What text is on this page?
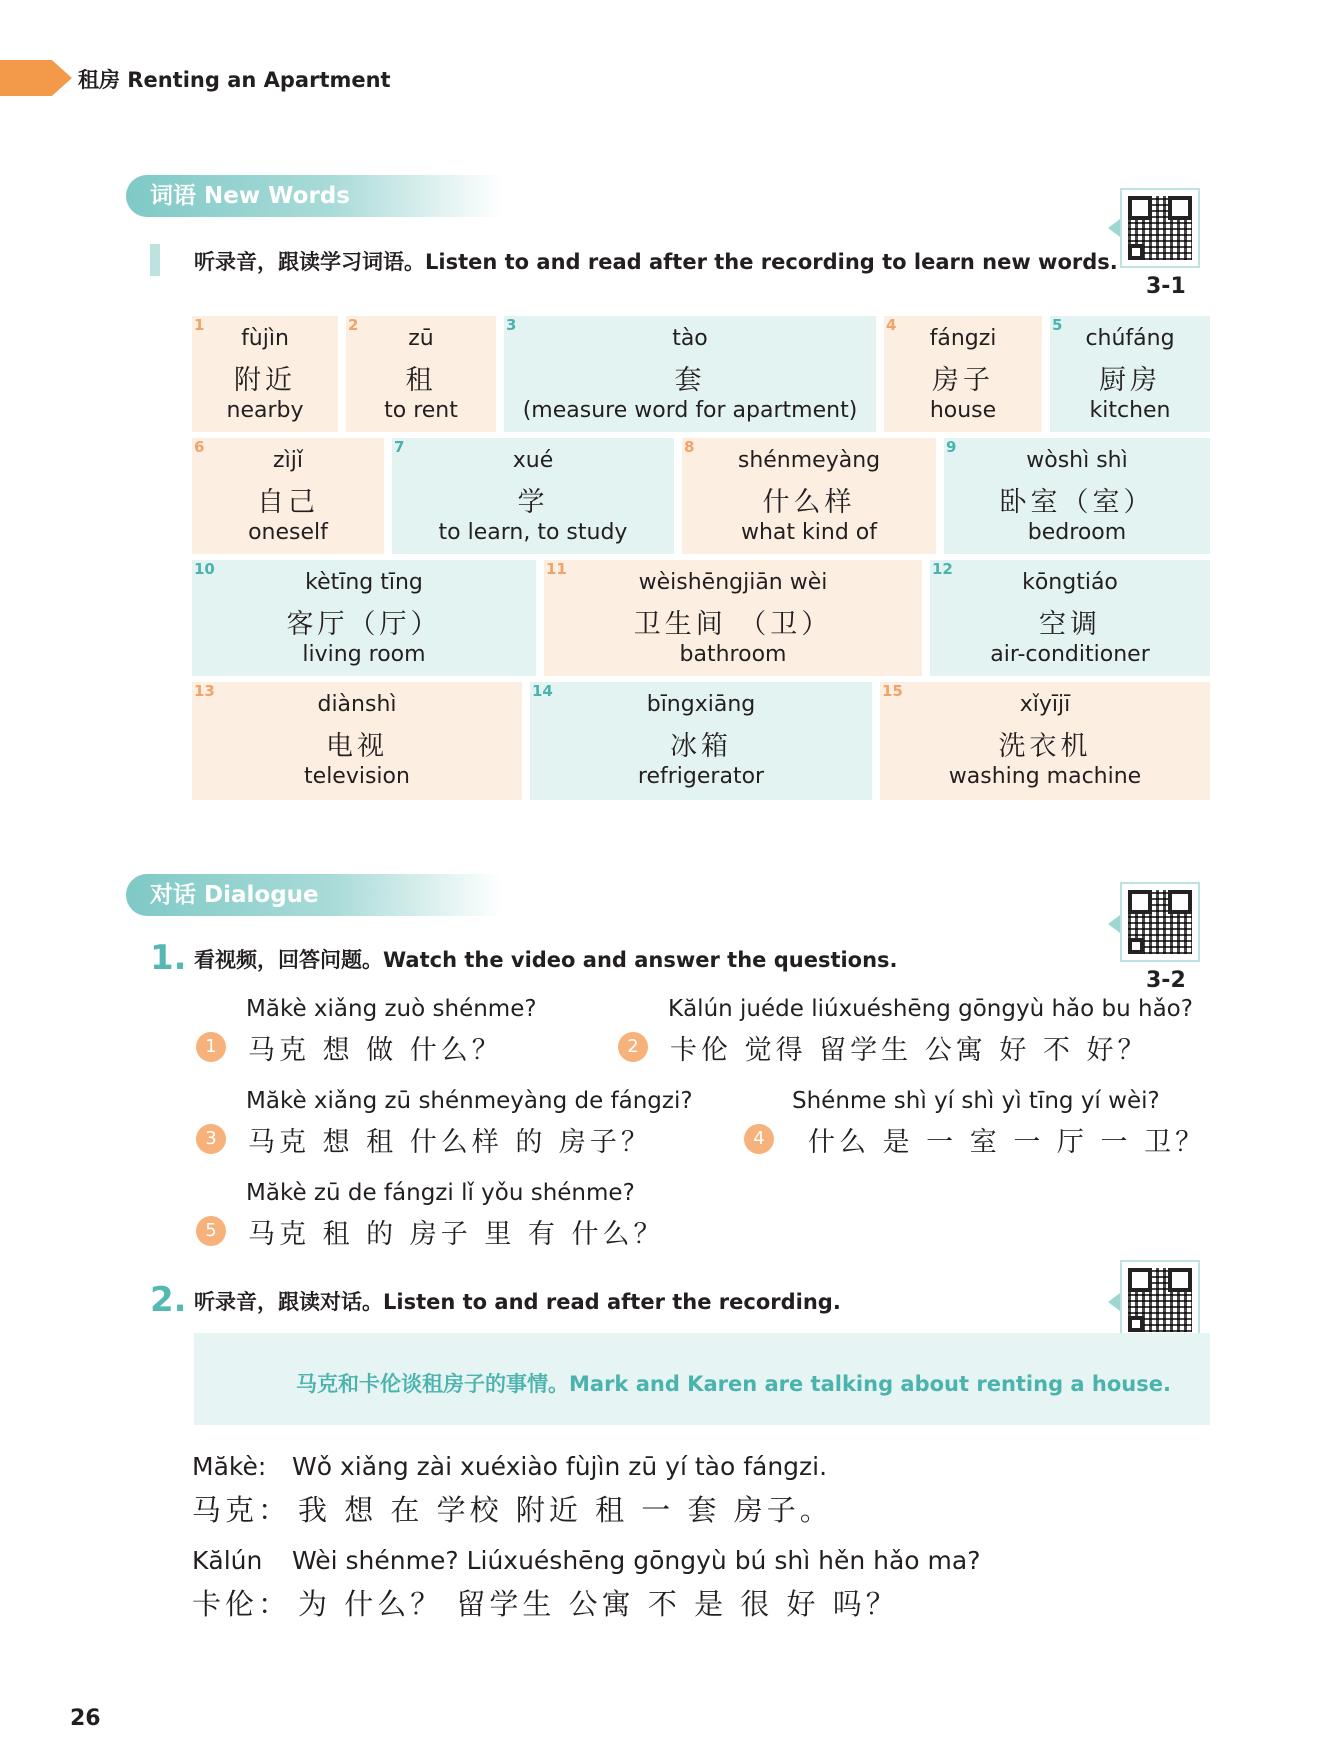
租房 Renting an Apartment
词语 New Words
3-1
听录音，跟读学习词语。Listen to and read after the recording to learn new words.
1
fùjìn
附近
nearby
2
zū
租
to rent
3
tào
套
(measure word for apartment)
4
fángzi
房子
house
5
chúfáng
厨房
kitchen
6
zìjǐ
自己
oneself
7
xué
学
to learn, to study
8
shénmeyàng
什么样
what kind of
9
wòshì shì
卧室（室）
bedroom
10
kètīng tīng
客厅（厅）
living room
11
wèishēngjiān wèi
卫生间 （卫）
bathroom
12
kōngtiáo
空调
air-conditioner
13
diànshì
电视
television
14
bīngxiāng
冰箱
refrigerator
15
xǐyījī
洗衣机
washing machine
对话 Dialogue
3-2
1. 看视频，回答问题。Watch the video and answer the questions.
Măkè xiǎng zuò shénme?
1	马克 想 做 什么？
Kălún juéde liúxuéshēng gōngyù hǎo bu hǎo?
2	卡伦 觉得 留学生 公寓 好 不 好？
Măkè xiǎng zū shénmeyàng de fángzi?
3	马克 想 租 什么样 的 房子？
Shénme shì yí shì yì tīng yí wèi?
4	什么 是 一 室 一 厅 一 卫？
Măkè zū de fángzi lǐ yǒu shénme?
5	马克 租 的 房子 里 有 什么？
2. 听录音，跟读对话。Listen to and read after the recording.
马克和卡伦谈租房子的事情。Mark and Karen are talking about renting a house.
Măkè: Wǒ xiǎng zài xuéxiào fùjìn zū yí tào fángzi.
马克： 我 想 在 学校 附近 租 一 套 房子。
Kălún Wèi shénme? Liúxuéshēng gōngyù bú shì hěn hǎo ma?
卡伦： 为 什么？ 留学生 公寓 不 是 很 好 吗？
26
